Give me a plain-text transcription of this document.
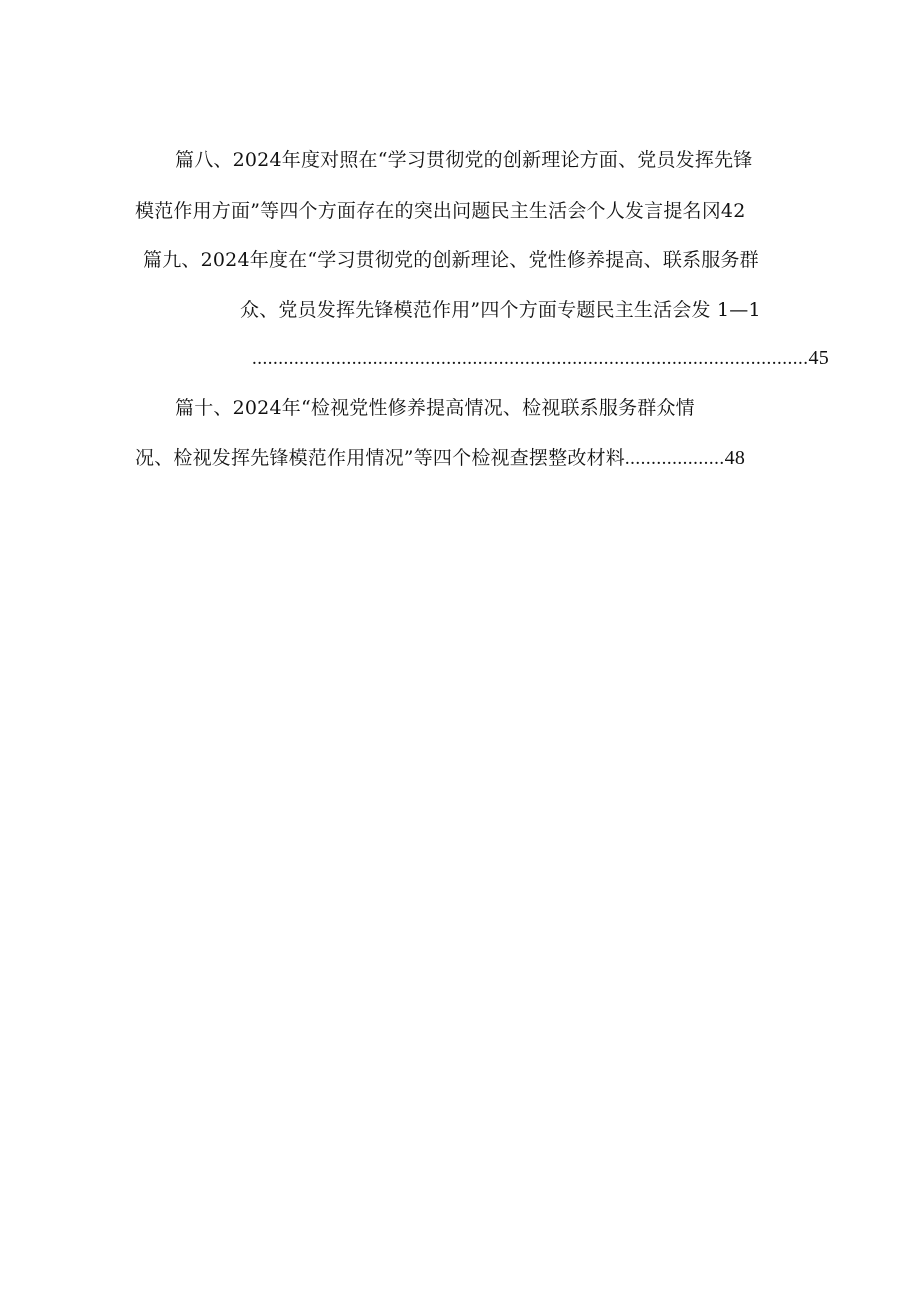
篇八、2024年度对照在“学习贯彻党的创新理论方面、党员发挥先锋
模范作用方面”等四个方面存在的突出问题民主生活会个人发言提名冈42
篇九、2024年度在“学习贯彻党的创新理论、党性修养提高、联系服务群
众、党员发挥先锋模范作用”四个方面专题民主生活会发 1—1
..........................................................................................................45
篇十、2024年“检视党性修养提高情况、检视联系服务群众情
况、检视发挥先锋模范作用情况”等四个检视查摆整改材料...................48
